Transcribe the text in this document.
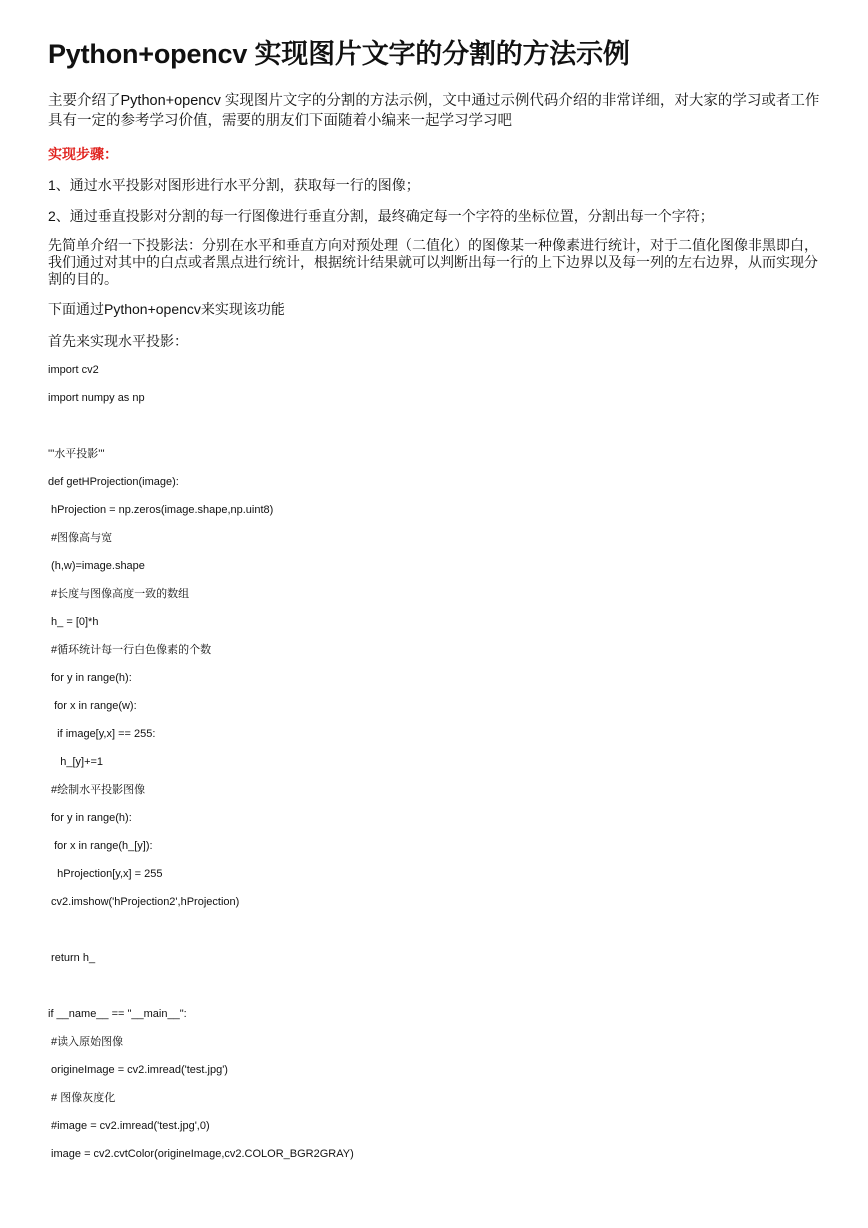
Python+opencv 实现图片文字的分割的方法示例

主要介绍了Python+opencv 实现图片文字的分割的方法示例，文中通过示例代码介绍的非常详细，对大家的学习或者工作具有一定的参考学习价值，需要的朋友们下面随着小编来一起学习学习吧

实现步骤：

1、通过水平投影对图形进行水平分割，获取每一行的图像；

2、通过垂直投影对分割的每一行图像进行垂直分割，最终确定每一个字符的坐标位置，分割出每一个字符；

先简单介绍一下投影法：分别在水平和垂直方向对预处理（二值化）的图像某一种像素进行统计，对于二值化图像非黑即白，我们通过对其中的白点或者黑点进行统计，根据统计结果就可以判断出每一行的上下边界以及每一列的左右边界，从而实现分割的目的。

下面通过Python+opencv来实现该功能

首先来实现水平投影：

import cv2
import numpy as np
'''水平投影'''
def getHProjection(image):
hProjection = np.zeros(image.shape,np.uint8)
#图像高与宽
(h,w)=image.shape
#长度与图像高度一致的数组
h_ = [0]*h
#循环统计每一行白色像素的个数
for y in range(h):
for x in range(w):
if image[y,x] == 255:
h_[y]+=1
#绘制水平投影图像
for y in range(h):
for x in range(h_[y]):
hProjection[y,x] = 255
cv2.imshow('hProjection2',hProjection)
return h_
if __name__ == "__main__":
#读入原始图像
origineImage = cv2.imread('test.jpg')
# 图像灰度化
#image = cv2.imread('test.jpg',0)
image = cv2.cvtColor(origineImage,cv2.COLOR_BGR2GRAY)
